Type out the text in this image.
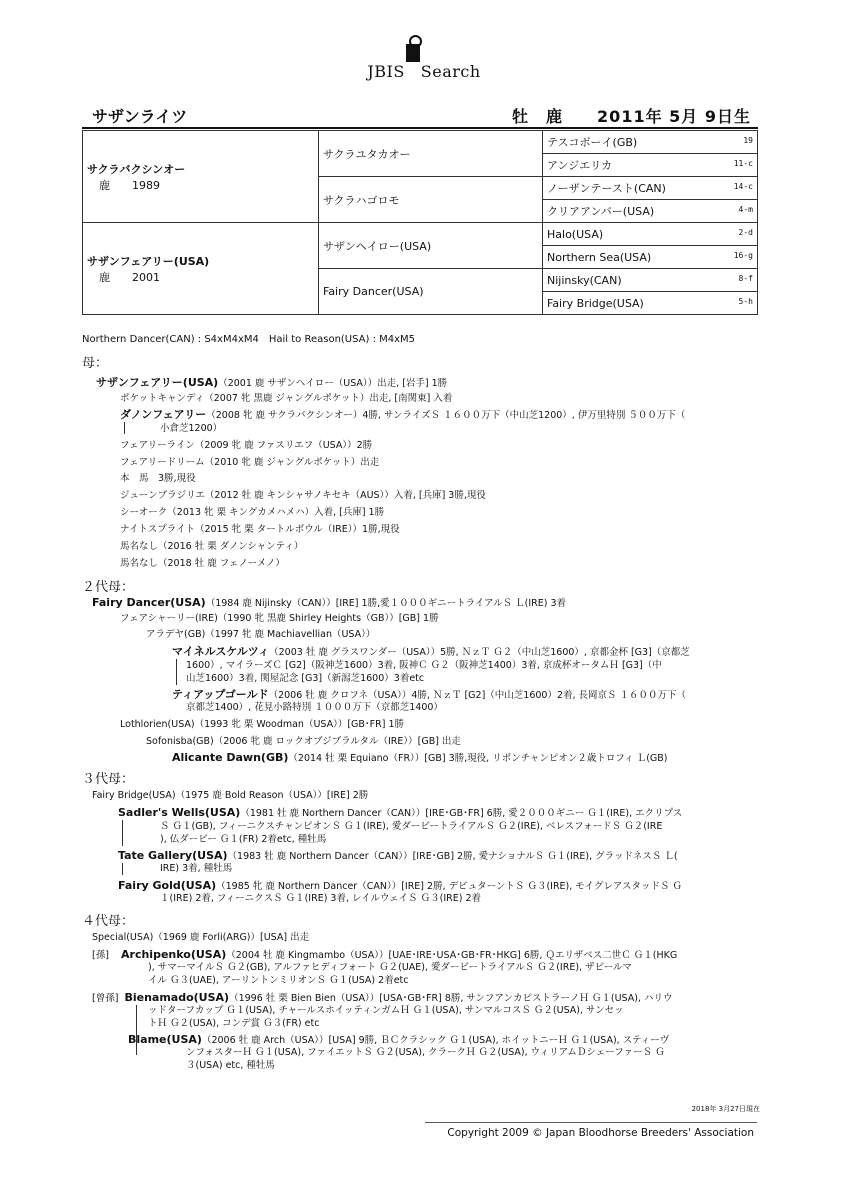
JBIS Search
サザンライツ	牡　鹿　　2011年 5月 9日生
サクラバクシンオー
鹿　　1989	サクラユタカオー	テスコボーイ(GB) 19

		アンジエリカ 11-c

	サクラハゴロモ	ノーザンテースト(CAN) 14-c

		クリアアンバー(USA) 4-m

サザンフェアリー(USA)
鹿　　2001	サザンヘイロー(USA)	Halo(USA) 2-d

		Northern Sea(USA) 16-g

	Fairy Dancer(USA)	Nijinsky(CAN) 8-f

		Fairy Bridge(USA) 5-h
Northern Dancer(CAN) : S4xM4xM4　Hail to Reason(USA) : M4xM5
母：
２代母：
３代母：
４代母：
サザンフェアリー(USA)（2001 鹿 サザンヘイロー（USA））出走, [岩手] 1勝
ポケットキャンディ（2007 牝 黒鹿 ジャングルポケット）出走, [南関東] 入着
ダノンフェアリー（2008 牝 鹿 サクラバクシンオー）4勝, サンライズＳ １６００万下（中山芝1200）, 伊万里特別 ５００万下（
小倉芝1200）
フェアリーライン（2009 牝 鹿 ファスリエフ（USA））2勝
フェアリードリーム（2010 牝 鹿 ジャングルポケット）出走
本　馬　3勝,現役
ジューンブラジリエ（2012 牡 鹿 キンシャサノキセキ（AUS））入着, [兵庫] 3勝,現役
シーオーク（2013 牝 栗 キングカメハメハ）入着, [兵庫] 1勝
ナイトスプライト（2015 牝 栗 タートルボウル（IRE））1勝,現役
馬名なし（2016 牡 栗 ダノンシャンティ）
馬名なし（2018 牡 鹿 フェノーメノ）
Fairy Dancer(USA)（1984 鹿 Nijinsky（CAN））[IRE] 1勝,愛１０００ギニートライアルＳ Ｌ(IRE) 3着
フェアシャーリー(IRE)（1990 牝 黒鹿 Shirley Heights（GB））[GB] 1勝
アラデヤ(GB)（1997 牝 鹿 Machiavellian（USA））
マイネルスケルツィ（2003 牡 鹿 グラスワンダー（USA））5勝, ＮｚＴ Ｇ２（中山芝1600）, 京都金杯 [G3]（京都芝
1600）, マイラーズＣ [G2]（阪神芝1600）3着, 阪神Ｃ Ｇ２（阪神芝1400）3着, 京成杯オータムＨ [G3]（中
山芝1600）3着, 関屋記念 [G3]（新潟芝1600）3着etc
ティアップゴールド（2006 牡 鹿 クロフネ（USA））4勝, ＮｚＴ [G2]（中山芝1600）2着, 長岡京Ｓ １６００万下（
京都芝1400）, 花見小路特別 １０００万下（京都芝1400）
Lothlorien(USA)（1993 牝 栗 Woodman（USA））[GB･FR] 1勝
Sofonisba(GB)（2006 牝 鹿 ロックオブジブラルタル（IRE））[GB] 出走
Alicante Dawn(GB)（2014 牡 栗 Equiano（FR））[GB] 3勝,現役, リボンチャンピオン２歳トロフィ Ｌ(GB)
Fairy Bridge(USA)（1975 鹿 Bold Reason（USA））[IRE] 2勝
Sadler's Wells(USA)（1981 牡 鹿 Northern Dancer（CAN））[IRE･GB･FR] 6勝, 愛２０００ギニー Ｇ１(IRE), エクリプス
Ｓ Ｇ１(GB), フィーニクスチャンピオンＳ Ｇ１(IRE), 愛ダービートライアルＳ Ｇ２(IRE), ベレスフォードＳ Ｇ２(IRE
), 仏ダービー Ｇ１(FR) 2着etc, 種牡馬
Tate Gallery(USA)（1983 牡 鹿 Northern Dancer（CAN））[IRE･GB] 2勝, 愛ナショナルＳ Ｇ１(IRE), グラッドネスＳ Ｌ(
IRE) 3着, 種牡馬
Fairy Gold(USA)（1985 牝 鹿 Northern Dancer（CAN））[IRE] 2勝, デビュターントＳ Ｇ３(IRE), モイグレアスタッドＳ Ｇ
１(IRE) 2着, フィーニクスＳ Ｇ１(IRE) 3着, レイルウェイＳ Ｇ３(IRE) 2着
Special(USA)（1969 鹿 Forli(ARG)）[USA] 出走
[孫] Archipenko(USA)（2004 牡 鹿 Kingmambo（USA））[UAE･IRE･USA･GB･FR･HKG] 6勝, Ｑエリザベス二世Ｃ Ｇ１(HKG
), サマーマイルＳ Ｇ２(GB), アルファヒディフォート Ｇ２(UAE), 愛ダービートライアルＳ Ｇ２(IRE), ザビールマ
イル Ｇ３(UAE), アーリントンミリオンＳ Ｇ１(USA) 2着etc
[曾孫] Bienamado(USA)（1996 牡 栗 Bien Bien（USA））[USA･GB･FR] 8勝, サンフアンカピストラーノＨ Ｇ１(USA), ハリウ
ッドターフカップ Ｇ１(USA), チャールスホイッティンガムＨ Ｇ１(USA), サンマルコスＳ Ｇ２(USA), サンセッ
トＨ Ｇ２(USA), コンデ賞 Ｇ３(FR) etc
Blame(USA)（2006 牡 鹿 Arch（USA））[USA] 9勝, ＢＣクラシック Ｇ１(USA), ホイットニーＨ Ｇ１(USA), スティーヴ
ンフォスターＨ Ｇ１(USA), ファイエットＳ Ｇ２(USA), クラークＨ Ｇ２(USA), ウィリアムＤシェーファーＳ Ｇ
３(USA) etc, 種牡馬
2018年 3月27日現在
Copyright 2009 © Japan Bloodhorse Breeders' Association
